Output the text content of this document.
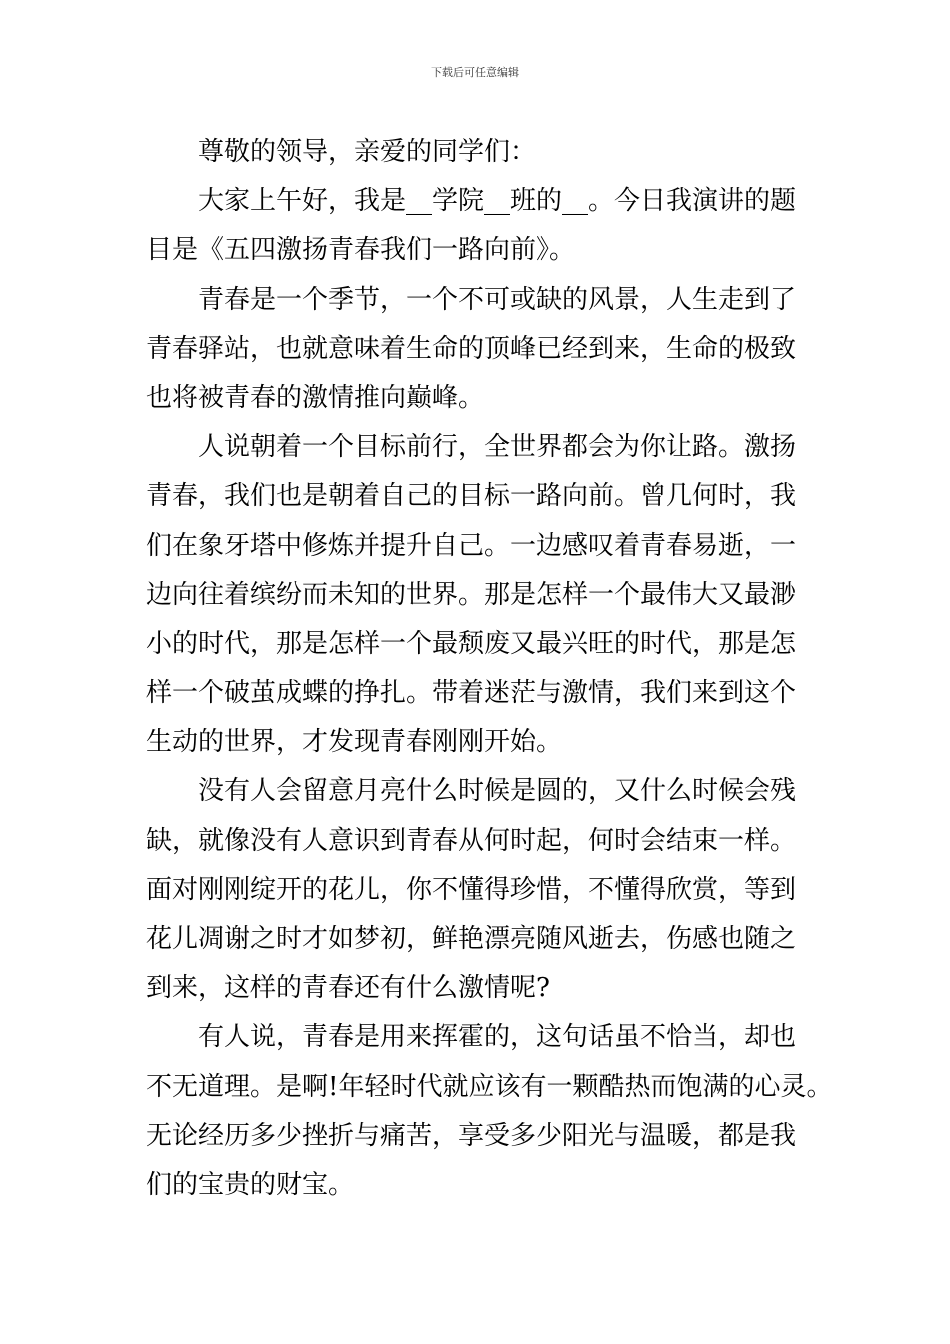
下载后可任意编辑
尊敬的领导，亲爱的同学们：
大家上午好，我是__学院__班的__。今日我演讲的题
目是《五四激扬青春我们一路向前》。
青春是一个季节，一个不可或缺的风景，人生走到了
青春驿站，也就意味着生命的顶峰已经到来，生命的极致
也将被青春的激情推向巅峰。
人说朝着一个目标前行，全世界都会为你让路。激扬
青春，我们也是朝着自己的目标一路向前。曾几何时，我
们在象牙塔中修炼并提升自己。一边感叹着青春易逝，一
边向往着缤纷而未知的世界。那是怎样一个最伟大又最渺
小的时代，那是怎样一个最颓废又最兴旺的时代，那是怎
样一个破茧成蝶的挣扎。带着迷茫与激情，我们来到这个
生动的世界，才发现青春刚刚开始。
没有人会留意月亮什么时候是圆的，又什么时候会残
缺，就像没有人意识到青春从何时起，何时会结束一样。
面对刚刚绽开的花儿，你不懂得珍惜，不懂得欣赏，等到
花儿凋谢之时才如梦初，鲜艳漂亮随风逝去，伤感也随之
到来，这样的青春还有什么激情呢?
有人说，青春是用来挥霍的，这句话虽不恰当，却也
不无道理。是啊!年轻时代就应该有一颗酷热而饱满的心灵。
无论经历多少挫折与痛苦，享受多少阳光与温暖，都是我
们的宝贵的财宝。
